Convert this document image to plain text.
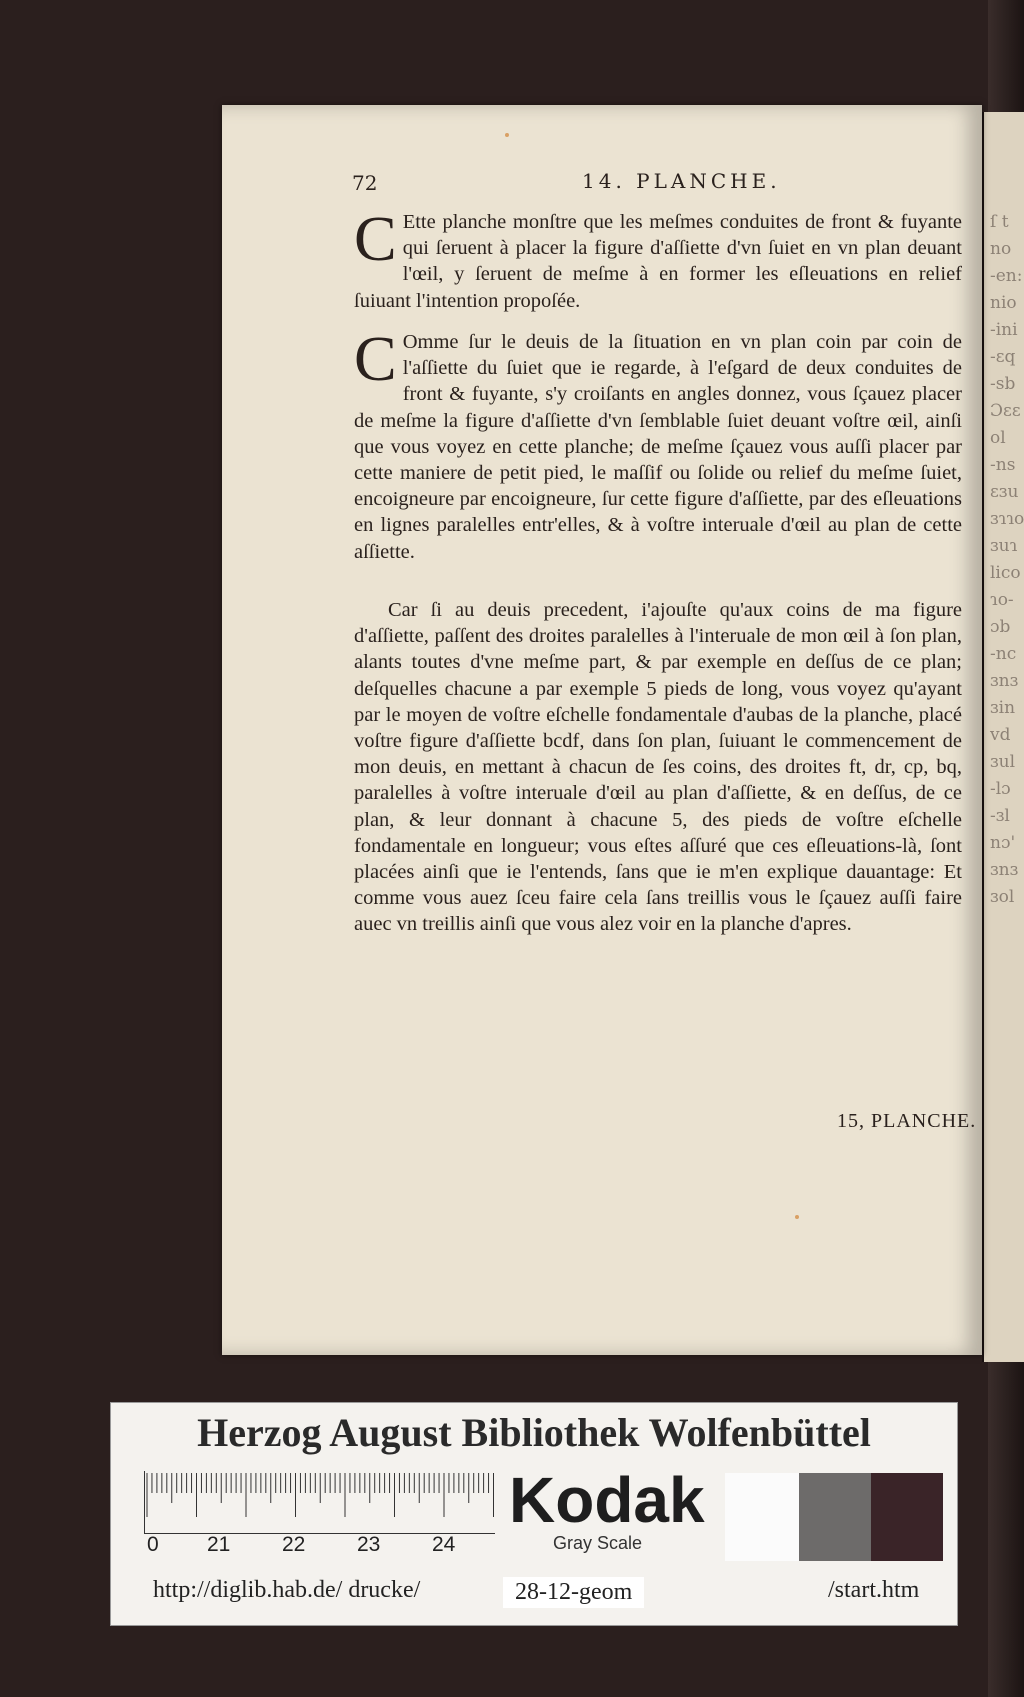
ſ t
no
-en:
nio
-ini
-ɛq
-sb
Ɔɛɛ
ol
-ns
ɛɜu
ɜɿɿo
ɜuɿ
lico
ɿo-
ɔb
-nc
ɜnɜ
ɜin
vd
ɜul
-lɔ
-ɜl
nɔ'
ɜnɜ
ɜol
72	14. PLANCHE.
C Ette planche monſtre que les meſmes conduites de front & fuyante qui ſeruent à placer la figure d'aſſiette d'vn ſuiet en vn plan deuant l'œil, y ſeruent de meſme à en former les eſleuations en relief ſuiuant l'intention propoſée.
C Omme ſur le deuis de la ſituation en vn plan coin par coin de l'aſſiette du ſuiet que ie regarde, à l'eſgard de deux conduites de front & fuyante, s'y croiſants en angles donnez, vous ſçauez placer de meſme la figure d'aſſiette d'vn ſemblable ſuiet deuant voſtre œil, ainſi que vous voyez en cette planche; de meſme ſçauez vous auſſi placer par cette maniere de petit pied, le maſſif ou ſolide ou relief du meſme ſuiet, encoigneure par encoigneure, ſur cette figure d'aſſiette, par des eſleuations en lignes paralelles entr'elles, & à voſtre interuale d'œil au plan de cette aſſiette.
Car ſi au deuis precedent, i'ajouſte qu'aux coins de ma figure d'aſſiette, paſſent des droites paralelles à l'interuale de mon œil à ſon plan, alants toutes d'vne meſme part, & par exemple en deſſus de ce plan; deſquelles chacune a par exemple 5 pieds de long, vous voyez qu'ayant par le moyen de voſtre eſchelle fondamentale d'aubas de la planche, placé voſtre figure d'aſſiette bcdf, dans ſon plan, ſuiuant le commencement de mon deuis, en mettant à chacun de ſes coins, des droites ft, dr, cp, bq, paralelles à voſtre interuale d'œil au plan d'aſſiette, & en deſſus, de ce plan, & leur donnant à chacune 5, des pieds de voſtre eſchelle fondamentale en longueur; vous eſtes aſſuré que ces eſleuations-là, ſont placées ainſi que ie l'entends, ſans que ie m'en explique dauantage: Et comme vous auez ſceu faire cela ſans treillis vous le ſçauez auſſi faire auec vn treillis ainſi que vous alez voir en la planche d'apres.
15, PLANCHE.
Herzog August Bibliothek Wolfenbüttel
0 21 22 23 24
Kodak
Gray Scale
http://diglib.hab.de/ drucke/	28-12-geom	/start.htm
